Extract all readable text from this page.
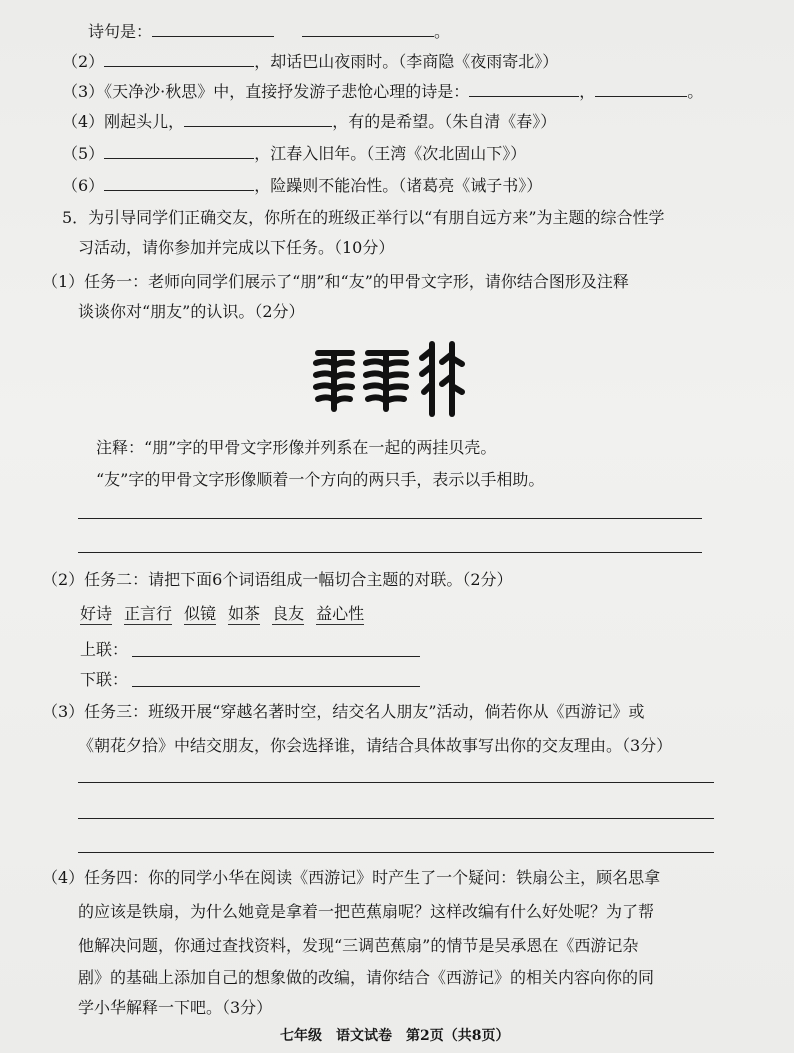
诗句是：	。
（2）	，却话巴山夜雨时。（李商隐《夜雨寄北》）
（3）《天净沙·秋思》中，直接抒发游子悲怆心理的诗是：	，	。
（4）刚起头儿，	，有的是希望。（朱自清《春》）
（5）	，江春入旧年。（王湾《次北固山下》）
（6）	，险躁则不能冶性。（诸葛亮《诫子书》）
5．为引导同学们正确交友，你所在的班级正举行以“有朋自远方来”为主题的综合性学
习活动，请你参加并完成以下任务。（10分）
（1）任务一：老师向同学们展示了“朋”和“友”的甲骨文字形，请你结合图形及注释
谈谈你对“朋友”的认识。（2分）
注释：“朋”字的甲骨文字形像并列系在一起的两挂贝壳。
“友”字的甲骨文字形像顺着一个方向的两只手，表示以手相助。
（2）任务二：请把下面6个词语组成一幅切合主题的对联。（2分）
好诗 正言行 似镜 如茶 良友 益心性
上联：
下联：
（3）任务三：班级开展“穿越名著时空，结交名人朋友”活动，倘若你从《西游记》或
《朝花夕拾》中结交朋友，你会选择谁，请结合具体故事写出你的交友理由。（3分）
（4）任务四：你的同学小华在阅读《西游记》时产生了一个疑问：铁扇公主，顾名思拿
的应该是铁扇，为什么她竟是拿着一把芭蕉扇呢？这样改编有什么好处呢？为了帮
他解决问题，你通过查找资料，发现“三调芭蕉扇”的情节是吴承恩在《西游记杂
剧》的基础上添加自己的想象做的改编，请你结合《西游记》的相关内容向你的同
学小华解释一下吧。（3分）
七年级　语文试卷　第2页（共8页）
